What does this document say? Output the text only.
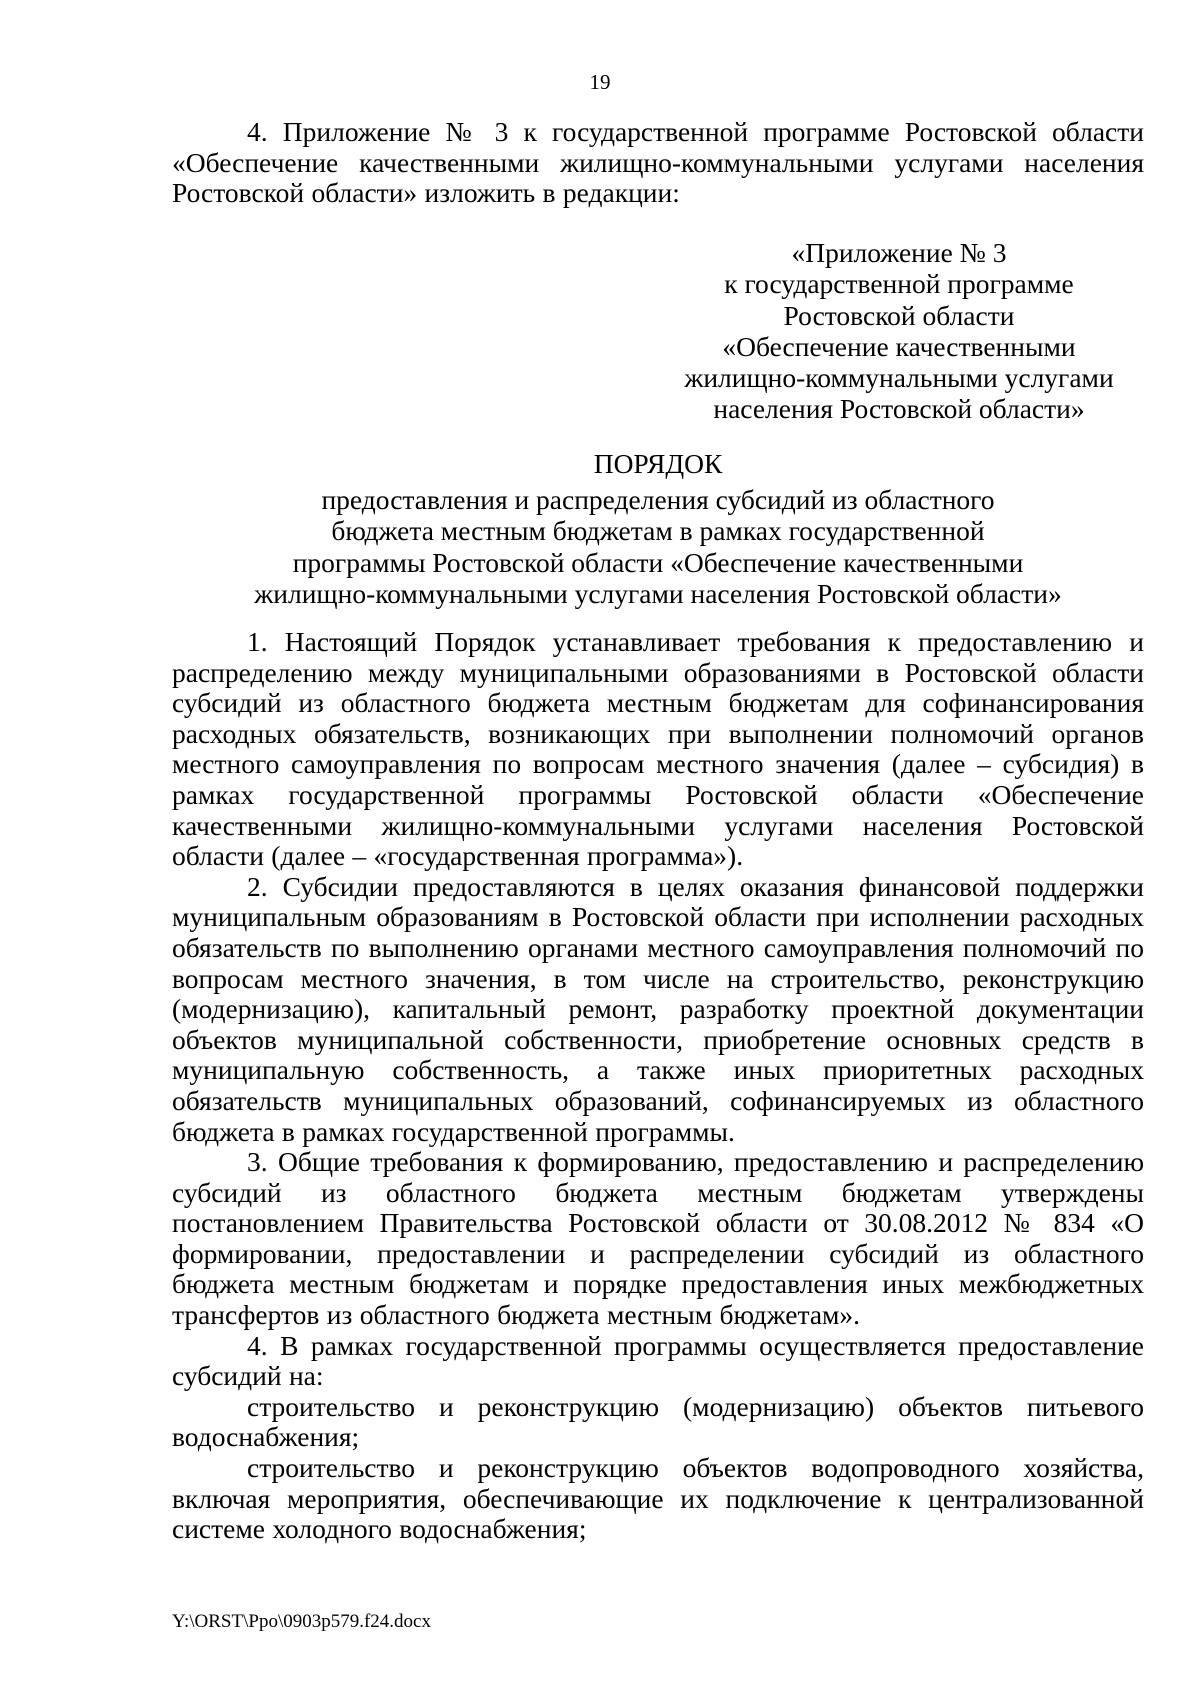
19

4. Приложение № 3 к государственной программе Ростовской области «Обеспечение качественными жилищно-коммунальными услугами населения Ростовской области» изложить в редакции:

«Приложение № 3
к государственной программе
Ростовской области
«Обеспечение качественными
жилищно-коммунальными услугами
населения Ростовской области»
ПОРЯДОК
предоставления и распределения субсидий из областного
бюджета местным бюджетам в рамках государственной
программы Ростовской области «Обеспечение качественными
жилищно-коммунальными услугами населения Ростовской области»

1. Настоящий Порядок устанавливает требования к предоставлению и распределению между муниципальными образованиями в Ростовской области субсидий из областного бюджета местным бюджетам для софинансирования расходных обязательств, возникающих при выполнении полномочий органов местного самоуправления по вопросам местного значения (далее – субсидия) в рамках государственной программы Ростовской области «Обеспечение качественными жилищно-коммунальными услугами населения Ростовской области (далее – «государственная программа»).

2. Субсидии предоставляются в целях оказания финансовой поддержки муниципальным образованиям в Ростовской области при исполнении расходных обязательств по выполнению органами местного самоуправления полномочий по вопросам местного значения, в том числе на строительство, реконструкцию (модернизацию), капитальный ремонт, разработку проектной документации объектов муниципальной собственности, приобретение основных средств в муниципальную собственность, а также иных приоритетных расходных обязательств муниципальных образований, софинансируемых из областного бюджета в рамках государственной программы.

3. Общие требования к формированию, предоставлению и распределению субсидий из областного бюджета местным бюджетам утверждены постановлением Правительства Ростовской области от 30.08.2012 № 834 «О формировании, предоставлении и распределении субсидий из областного бюджета местным бюджетам и порядке предоставления иных межбюджетных трансфертов из областного бюджета местным бюджетам».

4. В рамках государственной программы осуществляется предоставление субсидий на:

строительство и реконструкцию (модернизацию) объектов питьевого водоснабжения;

строительство и реконструкцию объектов водопроводного хозяйства, включая мероприятия, обеспечивающие их подключение к централизованной системе холодного водоснабжения;

Y:\ORST\Ppo\0903p579.f24.docx
